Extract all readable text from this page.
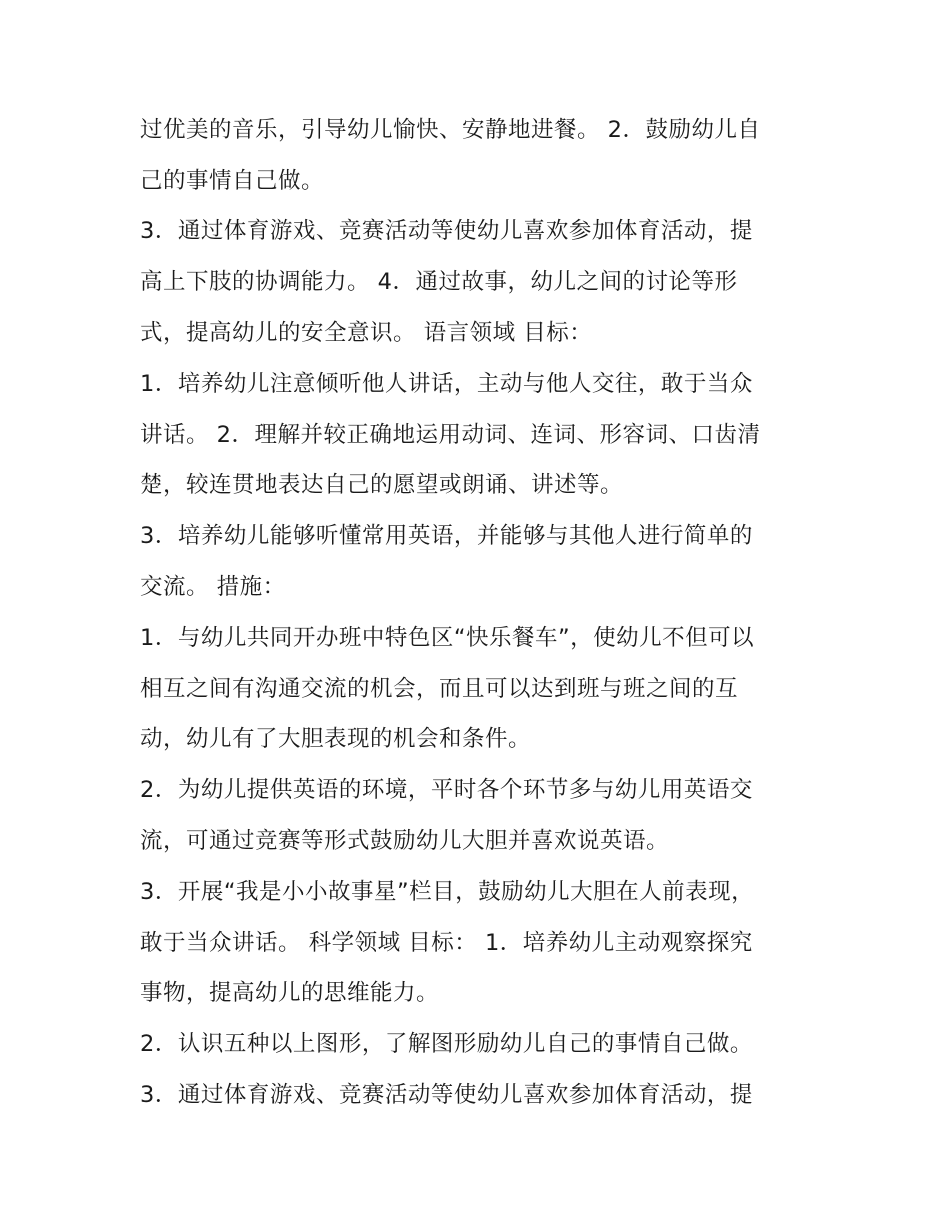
过优美的音乐，引导幼儿愉快、安静地进餐。 2．鼓励幼儿自
己的事情自己做。
3．通过体育游戏、竞赛活动等使幼儿喜欢参加体育活动，提
高上下肢的协调能力。 4．通过故事，幼儿之间的讨论等形
式，提高幼儿的安全意识。 语言领域 目标：
1．培养幼儿注意倾听他人讲话，主动与他人交往，敢于当众
讲话。 2．理解并较正确地运用动词、连词、形容词、口齿清
楚，较连贯地表达自己的愿望或朗诵、讲述等。
3．培养幼儿能够听懂常用英语，并能够与其他人进行简单的
交流。 措施：
1．与幼儿共同开办班中特色区“快乐餐车”，使幼儿不但可以
相互之间有沟通交流的机会，而且可以达到班与班之间的互
动，幼儿有了大胆表现的机会和条件。
2．为幼儿提供英语的环境，平时各个环节多与幼儿用英语交
流，可通过竞赛等形式鼓励幼儿大胆并喜欢说英语。
3．开展“我是小小故事星”栏目，鼓励幼儿大胆在人前表现，
敢于当众讲话。 科学领域 目标： 1．培养幼儿主动观察探究
事物，提高幼儿的思维能力。
2．认识五种以上图形，了解图形励幼儿自己的事情自己做。
3．通过体育游戏、竞赛活动等使幼儿喜欢参加体育活动，提
